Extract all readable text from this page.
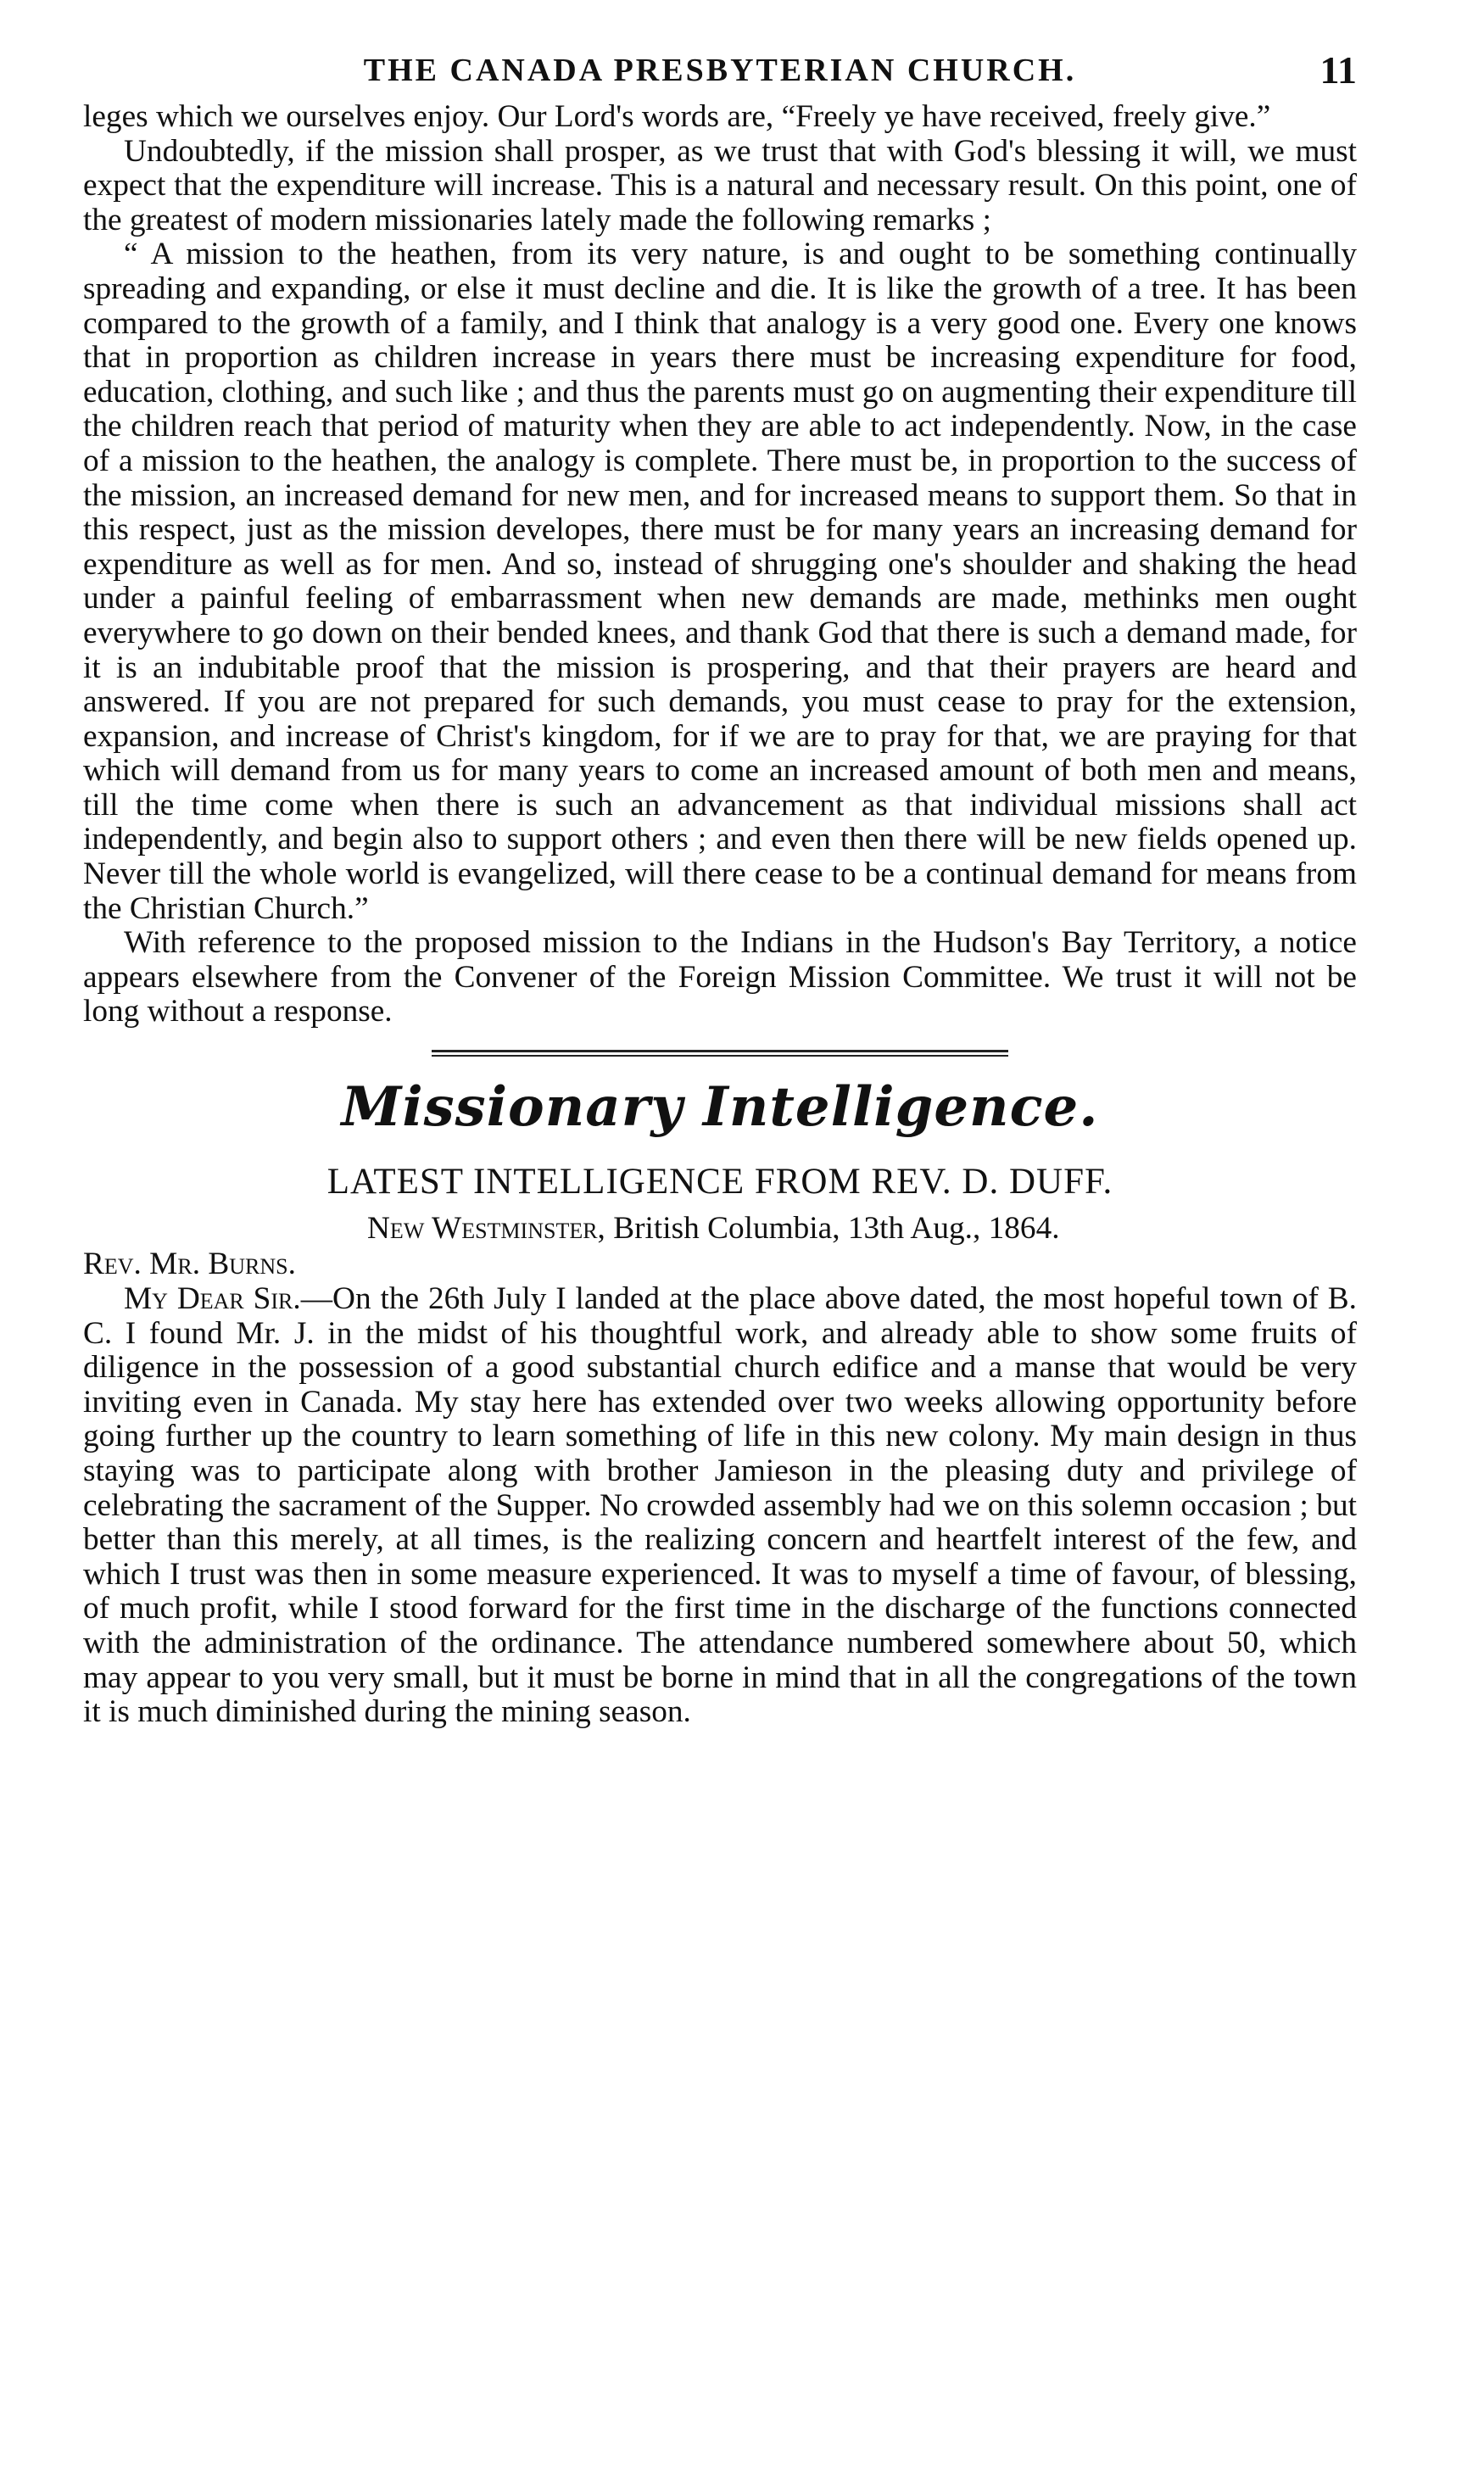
THE CANADA PRESBYTERIAN CHURCH.	11

leges which we ourselves enjoy. Our Lord's words are, “Freely ye have received, freely give.”

Undoubtedly, if the mission shall prosper, as we trust that with God's blessing it will, we must expect that the expenditure will increase. This is a natural and necessary result. On this point, one of the greatest of modern missionaries lately made the following remarks ;

“ A mission to the heathen, from its very nature, is and ought to be something continually spreading and expanding, or else it must decline and die. It is like the growth of a tree. It has been compared to the growth of a family, and I think that analogy is a very good one. Every one knows that in proportion as children increase in years there must be increasing expenditure for food, education, clothing, and such like ; and thus the parents must go on augmenting their expenditure till the children reach that period of maturity when they are able to act independently. Now, in the case of a mission to the heathen, the analogy is complete. There must be, in proportion to the success of the mission, an increased demand for new men, and for increased means to support them. So that in this respect, just as the mission developes, there must be for many years an increasing demand for expenditure as well as for men. And so, instead of shrugging one's shoulder and shaking the head under a painful feeling of embarrassment when new demands are made, methinks men ought everywhere to go down on their bended knees, and thank God that there is such a demand made, for it is an indubitable proof that the mission is prospering, and that their prayers are heard and answered. If you are not prepared for such demands, you must cease to pray for the extension, expansion, and increase of Christ's kingdom, for if we are to pray for that, we are praying for that which will demand from us for many years to come an increased amount of both men and means, till the time come when there is such an advancement as that individual missions shall act independently, and begin also to support others ; and even then there will be new fields opened up. Never till the whole world is evangelized, will there cease to be a continual demand for means from the Christian Church.”

With reference to the proposed mission to the Indians in the Hudson's Bay Territory, a notice appears elsewhere from the Convener of the Foreign Mission Committee. We trust it will not be long without a response.

Missionary Intelligence.
LATEST INTELLIGENCE FROM REV. D. DUFF.
New Westminster, British Columbia, 13th Aug., 1864.
Rev. Mr. Burns.

My Dear Sir.—On the 26th July I landed at the place above dated, the most hopeful town of B. C. I found Mr. J. in the midst of his thoughtful work, and already able to show some fruits of diligence in the possession of a good substantial church edifice and a manse that would be very inviting even in Canada. My stay here has extended over two weeks allowing opportunity before going further up the country to learn something of life in this new colony. My main design in thus staying was to participate along with brother Jamieson in the pleasing duty and privilege of celebrating the sacrament of the Supper. No crowded assembly had we on this solemn occasion ; but better than this merely, at all times, is the realizing concern and heartfelt interest of the few, and which I trust was then in some measure experienced. It was to myself a time of favour, of blessing, of much profit, while I stood forward for the first time in the discharge of the functions connected with the administration of the ordinance. The attendance numbered somewhere about 50, which may appear to you very small, but it must be borne in mind that in all the congregations of the town it is much diminished during the mining season.
